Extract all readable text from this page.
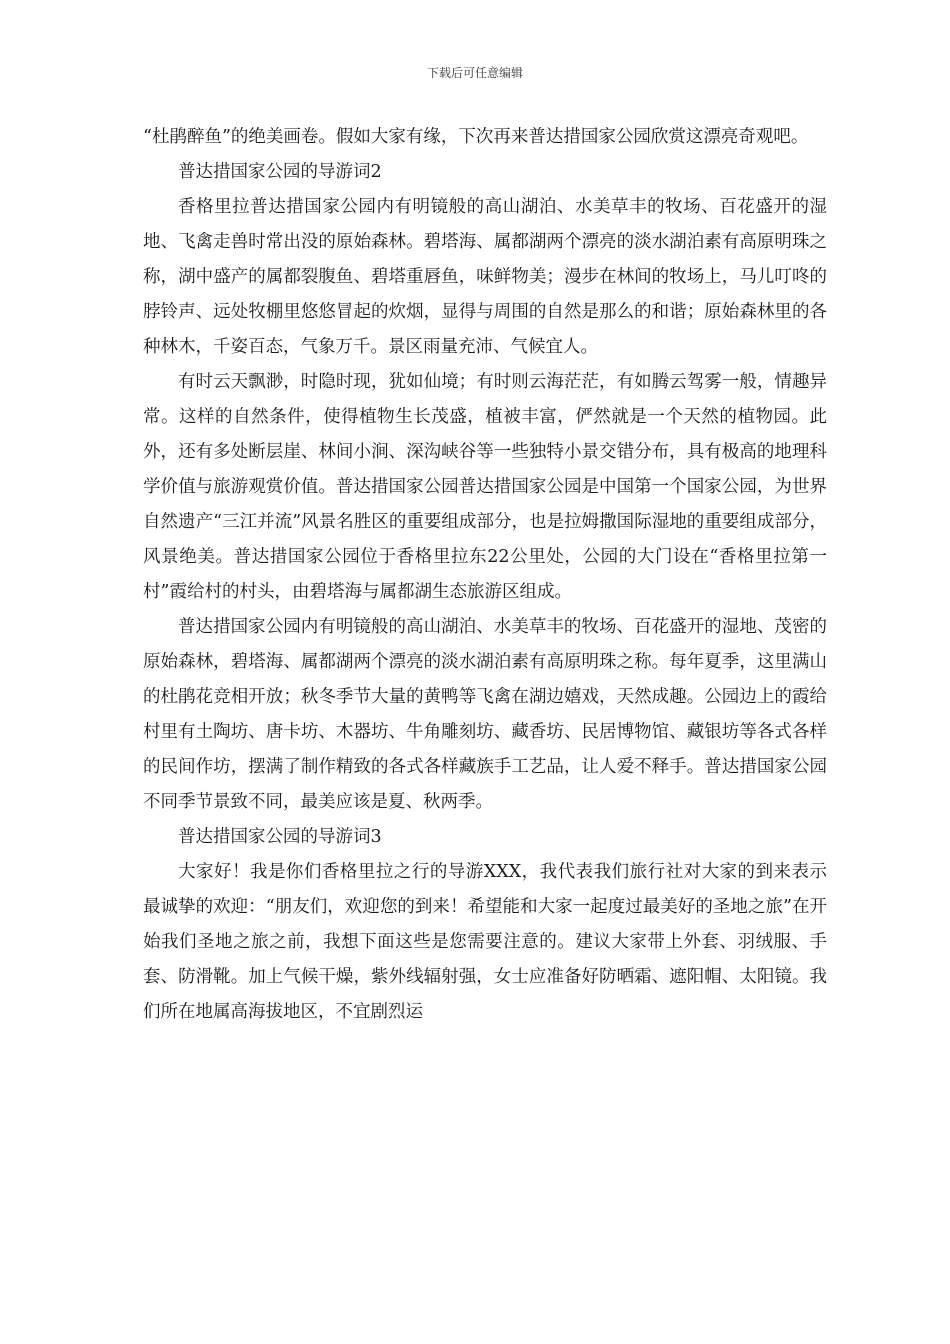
下载后可任意编辑

“杜鹃醉鱼”的绝美画卷。假如大家有缘，下次再来普达措国家公园欣赏这漂亮奇观吧。

普达措国家公园的导游词2

香格里拉普达措国家公园内有明镜般的高山湖泊、水美草丰的牧场、百花盛开的湿地、飞禽走兽时常出没的原始森林。碧塔海、属都湖两个漂亮的淡水湖泊素有高原明珠之称，湖中盛产的属都裂腹鱼、碧塔重唇鱼，味鲜物美；漫步在林间的牧场上，马儿叮咚的脖铃声、远处牧棚里悠悠冒起的炊烟，显得与周围的自然是那么的和谐；原始森林里的各种林木，千姿百态，气象万千。景区雨量充沛、气候宜人。

有时云天飘渺，时隐时现，犹如仙境；有时则云海茫茫，有如腾云驾雾一般，情趣异常。这样的自然条件，使得植物生长茂盛，植被丰富，俨然就是一个天然的植物园。此外，还有多处断层崖、林间小涧、深沟峡谷等一些独特小景交错分布，具有极高的地理科学价值与旅游观赏价值。普达措国家公园普达措国家公园是中国第一个国家公园，为世界自然遗产“三江并流”风景名胜区的重要组成部分，也是拉姆撒国际湿地的重要组成部分，风景绝美。普达措国家公园位于香格里拉东22公里处，公园的大门设在“香格里拉第一村”霞给村的村头，由碧塔海与属都湖生态旅游区组成。

普达措国家公园内有明镜般的高山湖泊、水美草丰的牧场、百花盛开的湿地、茂密的原始森林，碧塔海、属都湖两个漂亮的淡水湖泊素有高原明珠之称。每年夏季，这里满山的杜鹃花竞相开放；秋冬季节大量的黄鸭等飞禽在湖边嬉戏，天然成趣。公园边上的霞给村里有土陶坊、唐卡坊、木器坊、牛角雕刻坊、藏香坊、民居博物馆、藏银坊等各式各样的民间作坊，摆满了制作精致的各式各样藏族手工艺品，让人爱不释手。普达措国家公园不同季节景致不同，最美应该是夏、秋两季。

普达措国家公园的导游词3

大家好！我是你们香格里拉之行的导游XXX，我代表我们旅行社对大家的到来表示最诚挚的欢迎：“朋友们，欢迎您的到来！希望能和大家一起度过最美好的圣地之旅”在开始我们圣地之旅之前，我想下面这些是您需要注意的。建议大家带上外套、羽绒服、手套、防滑靴。加上气候干燥，紫外线辐射强，女士应准备好防晒霜、遮阳帽、太阳镜。我们所在地属高海拔地区，不宜剧烈运
